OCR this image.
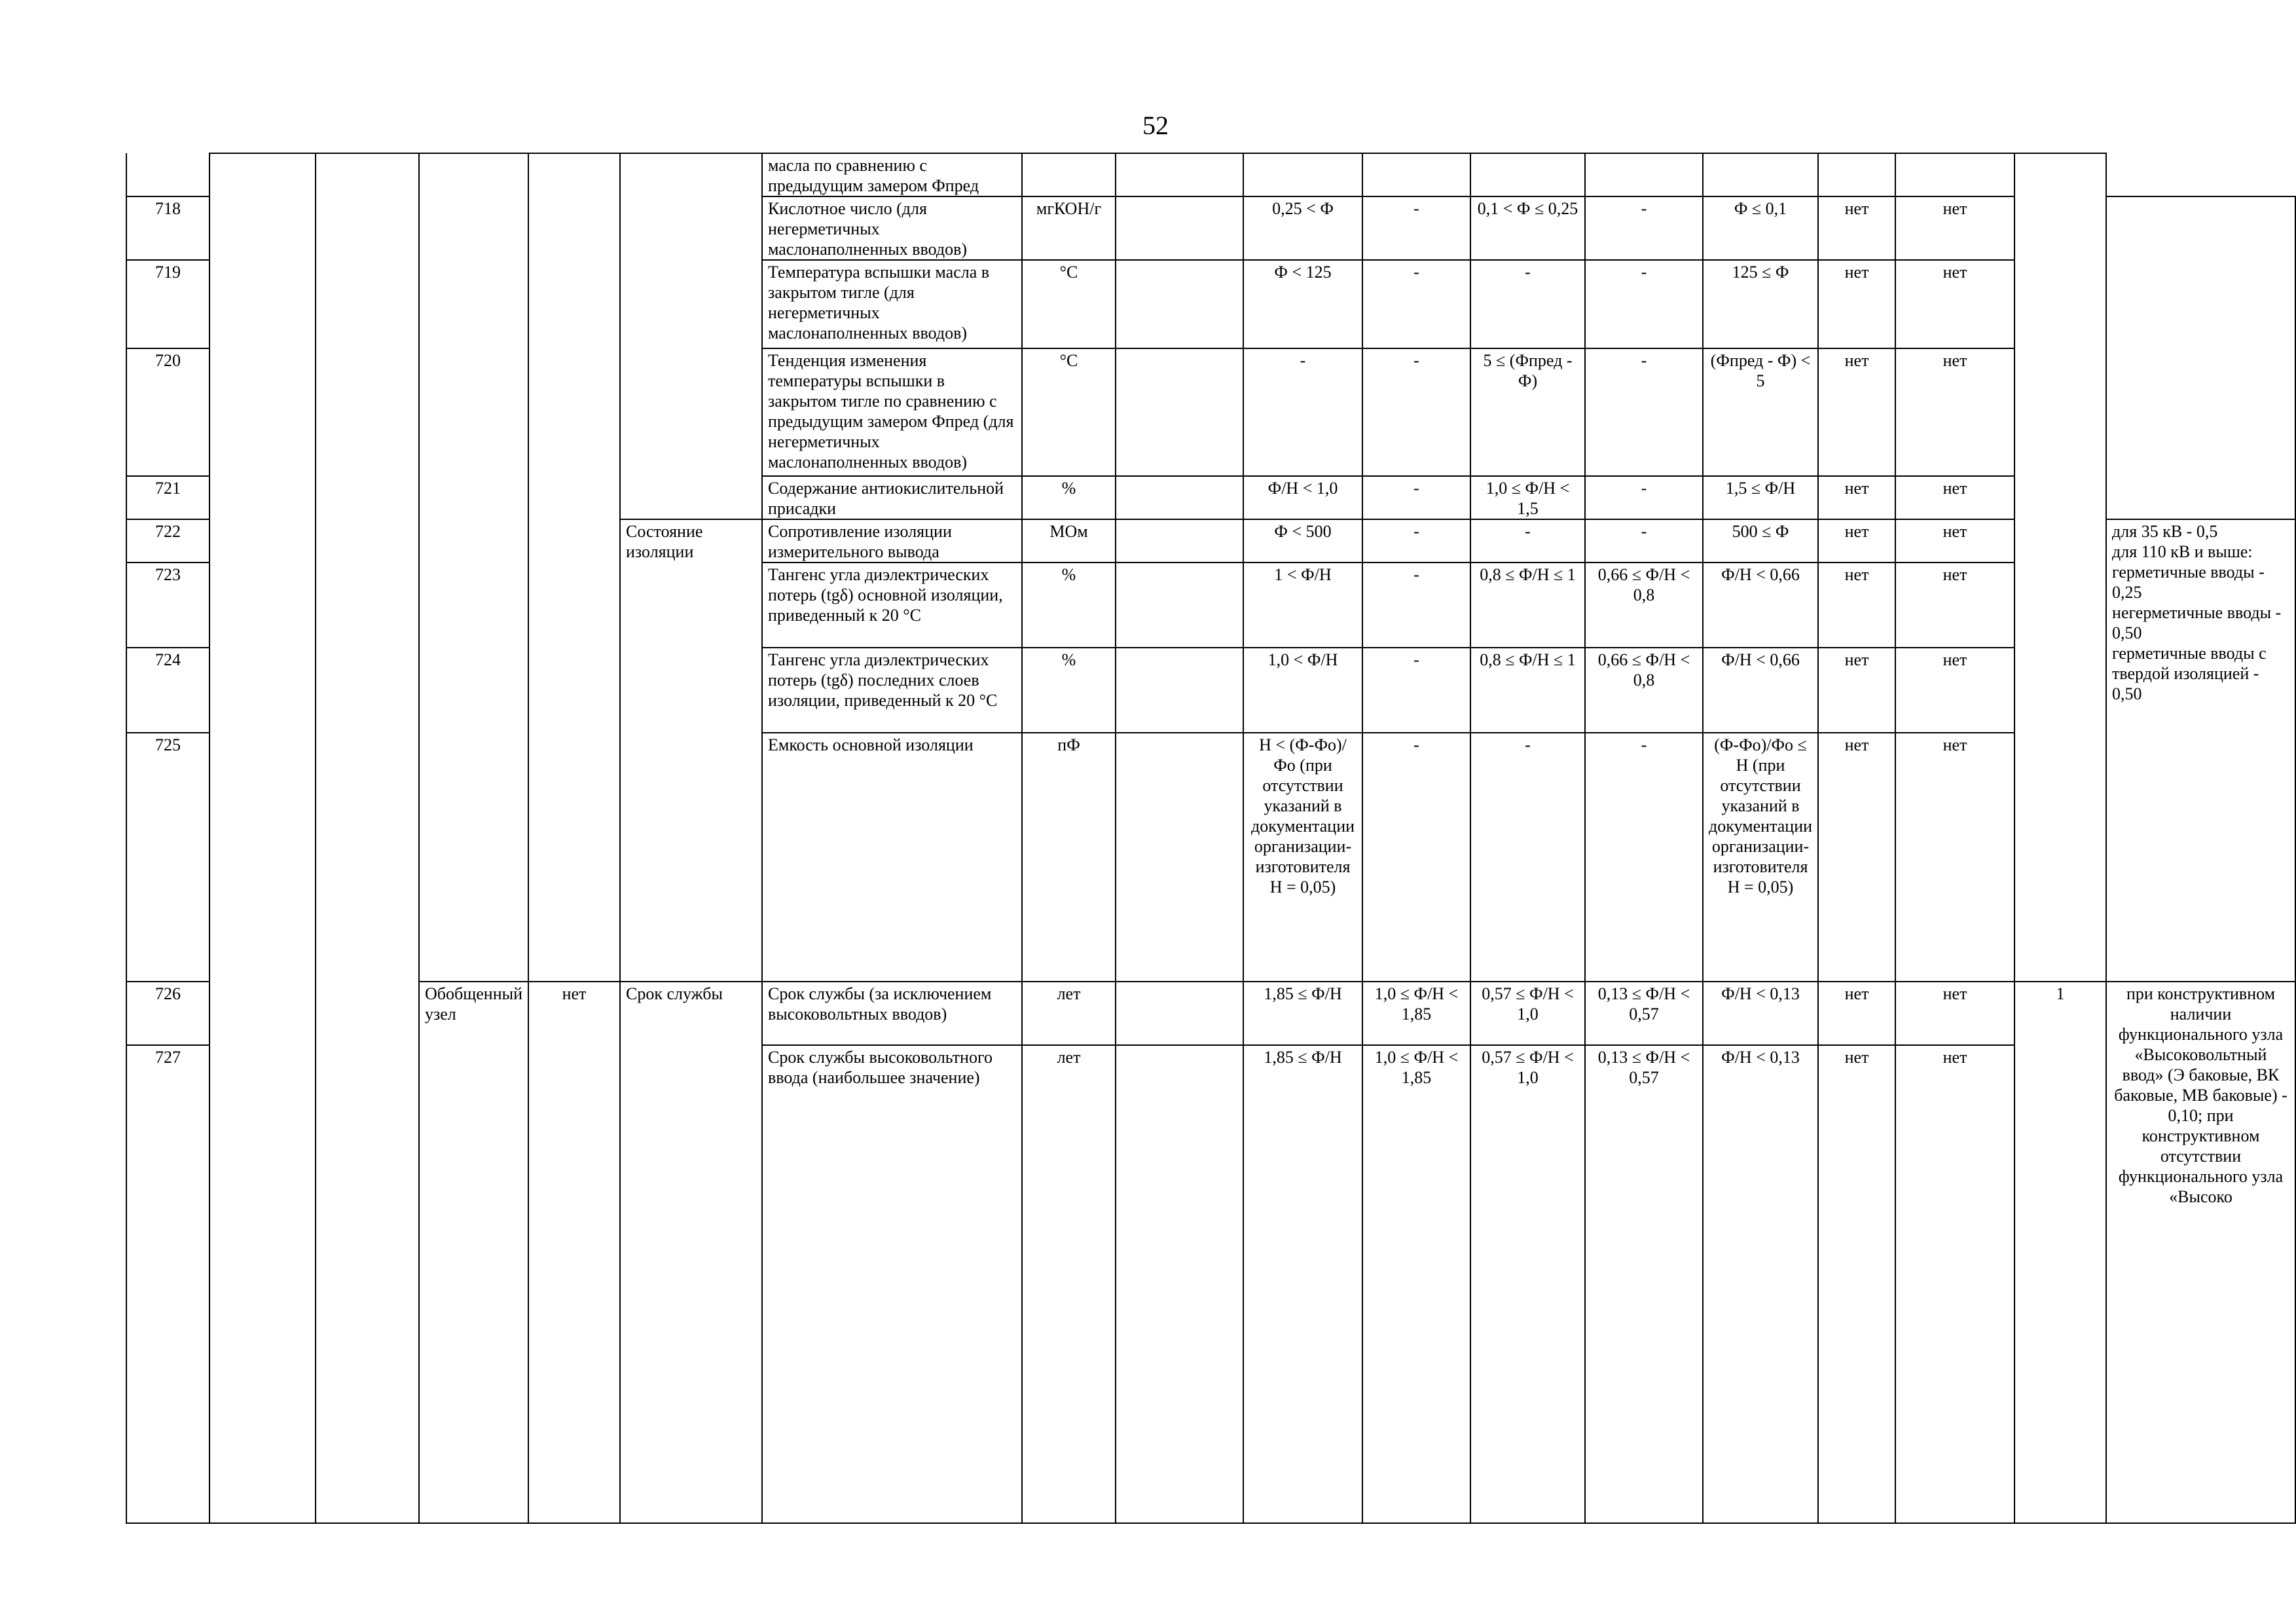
52
						масла по сравнению с предыдущим замером Фпред											
718						Кислотное число (для негерметичных маслонаполненных вводов)	мгКОН/г		0,25 < Ф	-	0,1 < Ф ≤ 0,25	-	Ф ≤ 0,1	нет	нет		
719						Температура вспышки масла в закрытом тигле (для негерметичных маслонаполненных вводов)	°С		Ф < 125	-	-	-	125 ≤ Ф	нет	нет		
720						Тенденция изменения температуры вспышки в закрытом тигле по сравнению с предыдущим замером Фпред (для негерметичных маслонаполненных вводов)	°С		-	-	5 ≤ (Фпред - Ф)	-	(Фпред - Ф) < 5	нет	нет		
721						Содержание антиокислительной присадки	%		Ф/Н < 1,0	-	1,0 ≤ Ф/Н < 1,5	-	1,5 ≤ Ф/Н	нет	нет		
722					Состояние изоляции	Сопротивление изоляции измерительного вывода	МОм		Ф < 500	-	-	-	500 ≤ Ф	нет	нет		для 35 кВ - 0,5
для 110 кВ и выше:
герметичные вводы - 0,25
негерметичные вводы - 0,50
герметичные вводы с твердой изоляцией - 0,50
723						Тангенс угла диэлектрических потерь (tgδ) основной изоляции, приведенный к 20 °С	%		1 < Ф/Н	-	0,8 ≤ Ф/Н ≤ 1	0,66 ≤ Ф/Н < 0,8	Ф/Н < 0,66	нет	нет		
724						Тангенс угла диэлектрических потерь (tgδ) последних слоев изоляции, приведенный к 20 °С	%		1,0 < Ф/Н	-	0,8 ≤ Ф/Н ≤ 1	0,66 ≤ Ф/Н < 0,8	Ф/Н < 0,66	нет	нет		
725						Емкость основной изоляции	пФ		Н < (Ф-Фо)/Фо (при отсутствии указаний в документации организации-изготовителя Н = 0,05)	-	-	-	(Ф-Фо)/Фо ≤ Н (при отсутствии указаний в документации организации-изготовителя Н = 0,05)	нет	нет		
726			Обобщенный узел	нет	Срок службы	Срок службы (за исключением высоковольтных вводов)	лет		1,85 ≤ Ф/Н	1,0 ≤ Ф/Н < 1,85	0,57 ≤ Ф/Н < 1,0	0,13 ≤ Ф/Н < 0,57	Ф/Н < 0,13	нет	нет	1	при конструктивном наличии функционального узла «Высоковольтный ввод» (Э баковые, ВК баковые, МВ баковые) - 0,10; при конструктивном отсутствии функционального узла «Высоко
727						Срок службы высоковольтного ввода (наибольшее значение)	лет		1,85 ≤ Ф/Н	1,0 ≤ Ф/Н < 1,85	0,57 ≤ Ф/Н < 1,0	0,13 ≤ Ф/Н < 0,57	Ф/Н < 0,13	нет	нет		
